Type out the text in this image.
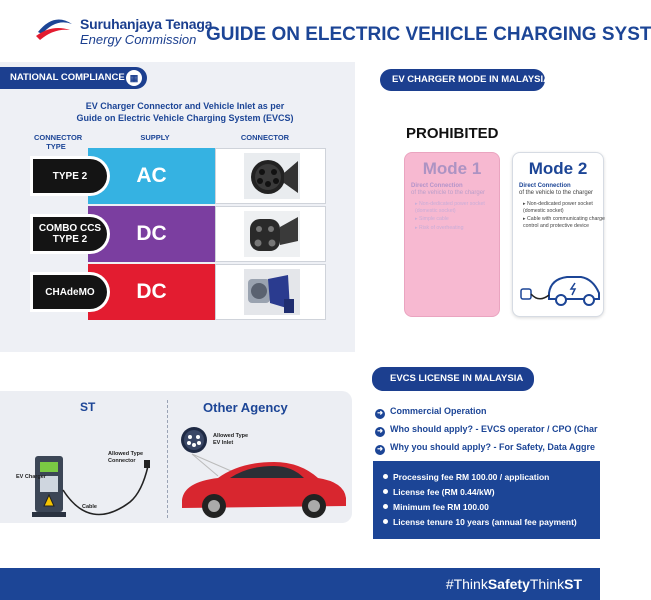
Suruhanjaya Tenaga
Energy Commission GUIDE ON ELECTRIC VEHICLE CHARGING SYST
NATIONAL COMPLIANCE ▦
EV Charger Connector and Vehicle Inlet as per
Guide on Electric Vehicle Charging System (EVCS)
CONNECTOR TYPE
SUPPLY	CONNECTOR
AC
DC
DC
TYPE 2
COMBO CCS TYPE 2
CHAdeMO
EV CHARGER MODE IN MALAYSIA
PROHIBITED
Mode 1
Direct Connection
of the vehicle to the charger
▸ Non-dedicated power socket (domestic socket)
▸ Simple cable
▸ Risk of overheating
Mode 2
Direct Connection
of the vehicle to the charger
▸ Non-dedicated power socket (domestic socket)
▸ Cable with communicating charge control and protective device
EVCS LICENSE IN MALAYSIA
➜ Commercial Operation
➜ Who should apply? - EVCS operator / CPO (Char
➜ Why you should apply? - For Safety, Data Aggre
Processing fee RM 100.00 / application
License fee (RM 0.44/kW)
Minimum fee RM 100.00
License tenure 10 years (annual fee payment)
ST	Other Agency
EV Charger
Allowed Type Connector
Cable
Allowed Type EV Inlet
#ThinkSafetyThinkST
